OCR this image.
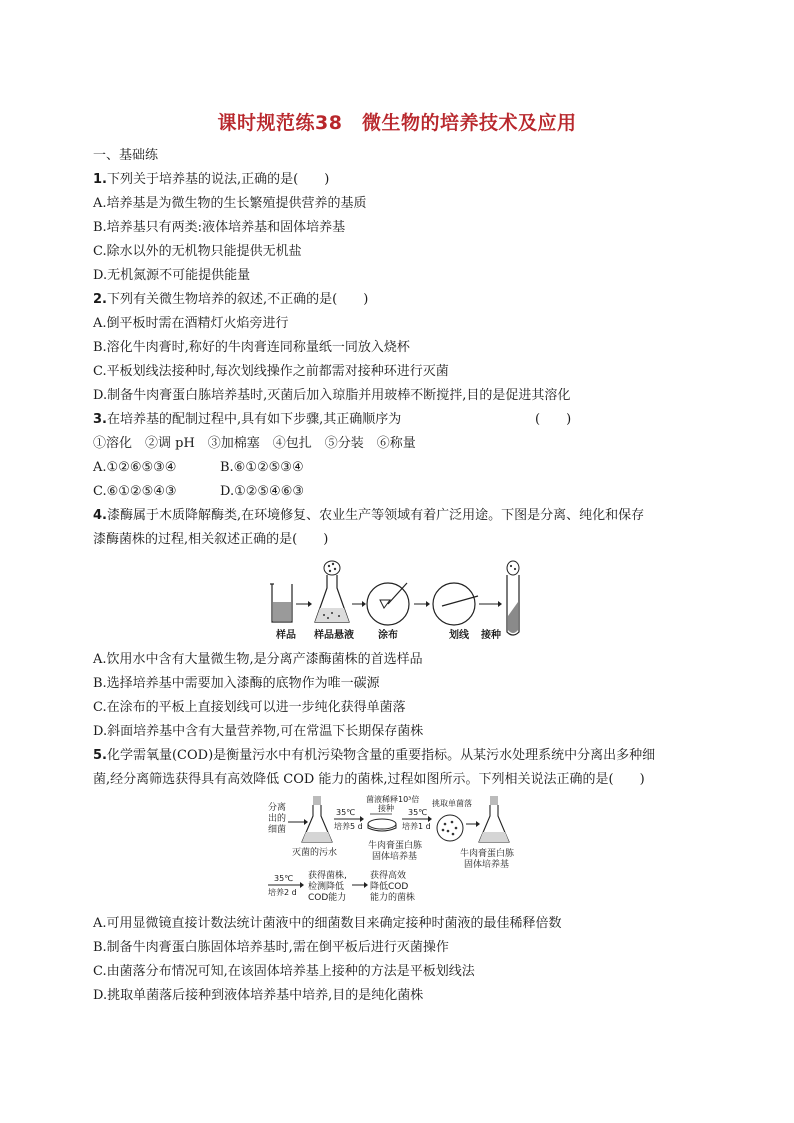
课时规范练38　微生物的培养技术及应用
一、基础练
1.下列关于培养基的说法,正确的是(　　)
A.培养基是为微生物的生长繁殖提供营养的基质
B.培养基只有两类:液体培养基和固体培养基
C.除水以外的无机物只能提供无机盐
D.无机氮源不可能提供能量
2.下列有关微生物培养的叙述,不正确的是(　　)
A.倒平板时需在酒精灯火焰旁进行
B.溶化牛肉膏时,称好的牛肉膏连同称量纸一同放入烧杯
C.平板划线法接种时,每次划线操作之前都需对接种环进行灭菌
D.制备牛肉膏蛋白胨培养基时,灭菌后加入琼脂并用玻棒不断搅拌,目的是促进其溶化
3.在培养基的配制过程中,具有如下步骤,其正确顺序为	(　　)
①溶化　②调 pH　③加棉塞　④包扎　⑤分装　⑥称量
A.①②⑥⑤③④	B.⑥①②⑤③④
C.⑥①②⑤④③	D.①②⑤④⑥③
4.漆酶属于木质降解酶类,在环境修复、农业生产等领域有着广泛用途。下图是分离、纯化和保存
漆酶菌株的过程,相关叙述正确的是(　　)
样品 样品悬液 涂布	划线 接种
A.饮用水中含有大量微生物,是分离产漆酶菌株的首选样品
B.选择培养基中需要加入漆酶的底物作为唯一碳源
C.在涂布的平板上直接划线可以进一步纯化获得单菌落
D.斜面培养基中含有大量营养物,可在常温下长期保存菌株
5.化学需氧量(COD)是衡量污水中有机污染物含量的重要指标。从某污水处理系统中分离出多种细
菌,经分离筛选获得具有高效降低 COD 能力的菌株,过程如图所示。下列相关说法正确的是(　　)
分离
出的
细菌
灭菌的污水
35℃
培养5 d
菌液稀释10³倍
接种
牛肉膏蛋白胨
固体培养基
35℃
培养1 d
挑取单菌落
牛肉膏蛋白胨
固体培养基
35℃
培养2 d
获得菌株,
检测降低
COD能力
获得高效
降低COD
能力的菌株
A.可用显微镜直接计数法统计菌液中的细菌数目来确定接种时菌液的最佳稀释倍数
B.制备牛肉膏蛋白胨固体培养基时,需在倒平板后进行灭菌操作
C.由菌落分布情况可知,在该固体培养基上接种的方法是平板划线法
D.挑取单菌落后接种到液体培养基中培养,目的是纯化菌株
